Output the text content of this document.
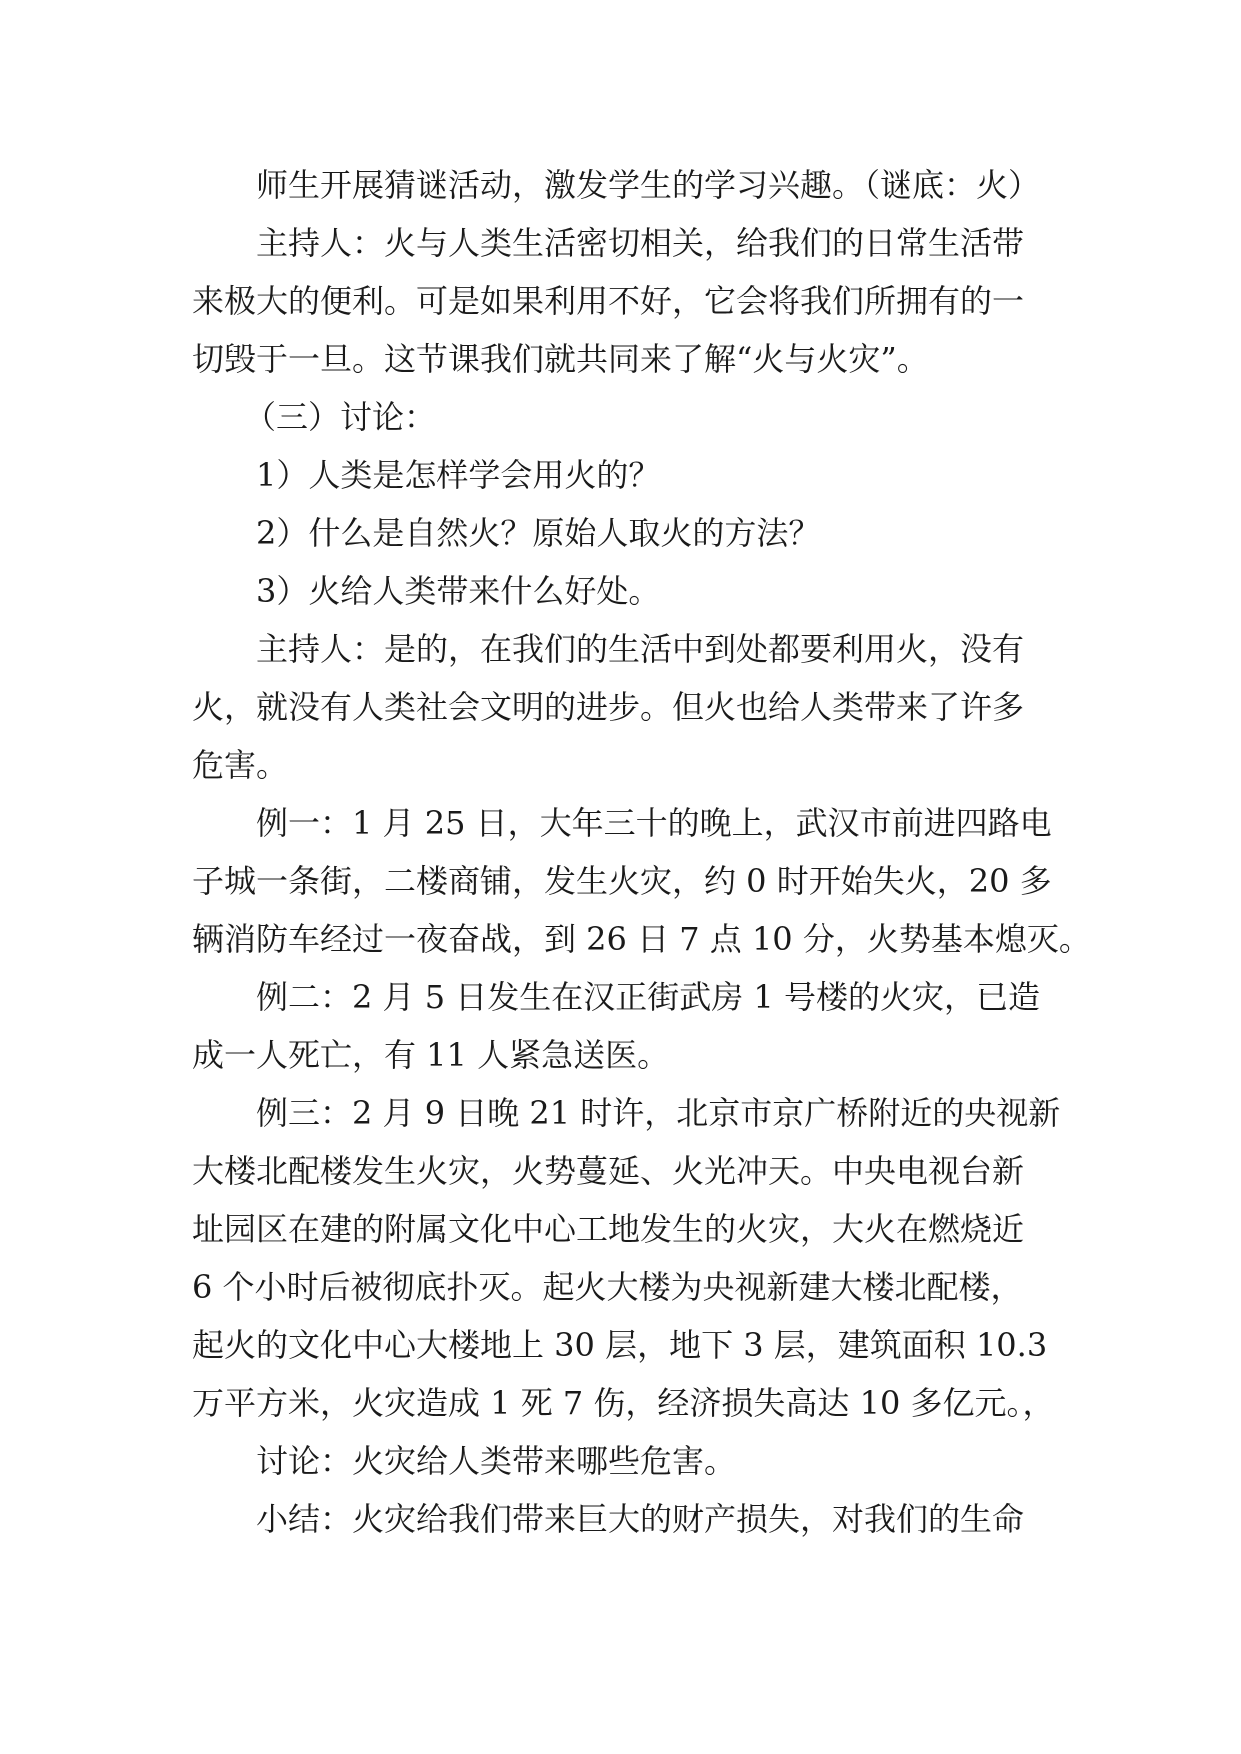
师生开展猜谜活动，激发学生的学习兴趣。（谜底：火）

主持人：火与人类生活密切相关，给我们的日常生活带
来极大的便利。可是如果利用不好，它会将我们所拥有的一
切毁于一旦。这节课我们就共同来了解“火与火灾”。

（三）讨论：

1）人类是怎样学会用火的？

2）什么是自然火？原始人取火的方法？

3）火给人类带来什么好处。

主持人：是的，在我们的生活中到处都要利用火，没有
火，就没有人类社会文明的进步。但火也给人类带来了许多
危害。

例一：1 月 25 日，大年三十的晚上，武汉市前进四路电
子城一条街，二楼商铺，发生火灾，约 0 时开始失火，20 多
辆消防车经过一夜奋战，到 26 日 7 点 10 分，火势基本熄灭。

例二：2 月 5 日发生在汉正街武房 1 号楼的火灾，已造
成一人死亡，有 11 人紧急送医。

例三：2 月 9 日晚 21 时许，北京市京广桥附近的央视新
大楼北配楼发生火灾，火势蔓延、火光冲天。中央电视台新
址园区在建的附属文化中心工地发生的火灾，大火在燃烧近
6 个小时后被彻底扑灭。起火大楼为央视新建大楼北配楼，
起火的文化中心大楼地上 30 层，地下 3 层，建筑面积 10.3
万平方米，火灾造成 1 死 7 伤，经济损失高达 10 多亿元。，

讨论：火灾给人类带来哪些危害。

小结：火灾给我们带来巨大的财产损失，对我们的生命
